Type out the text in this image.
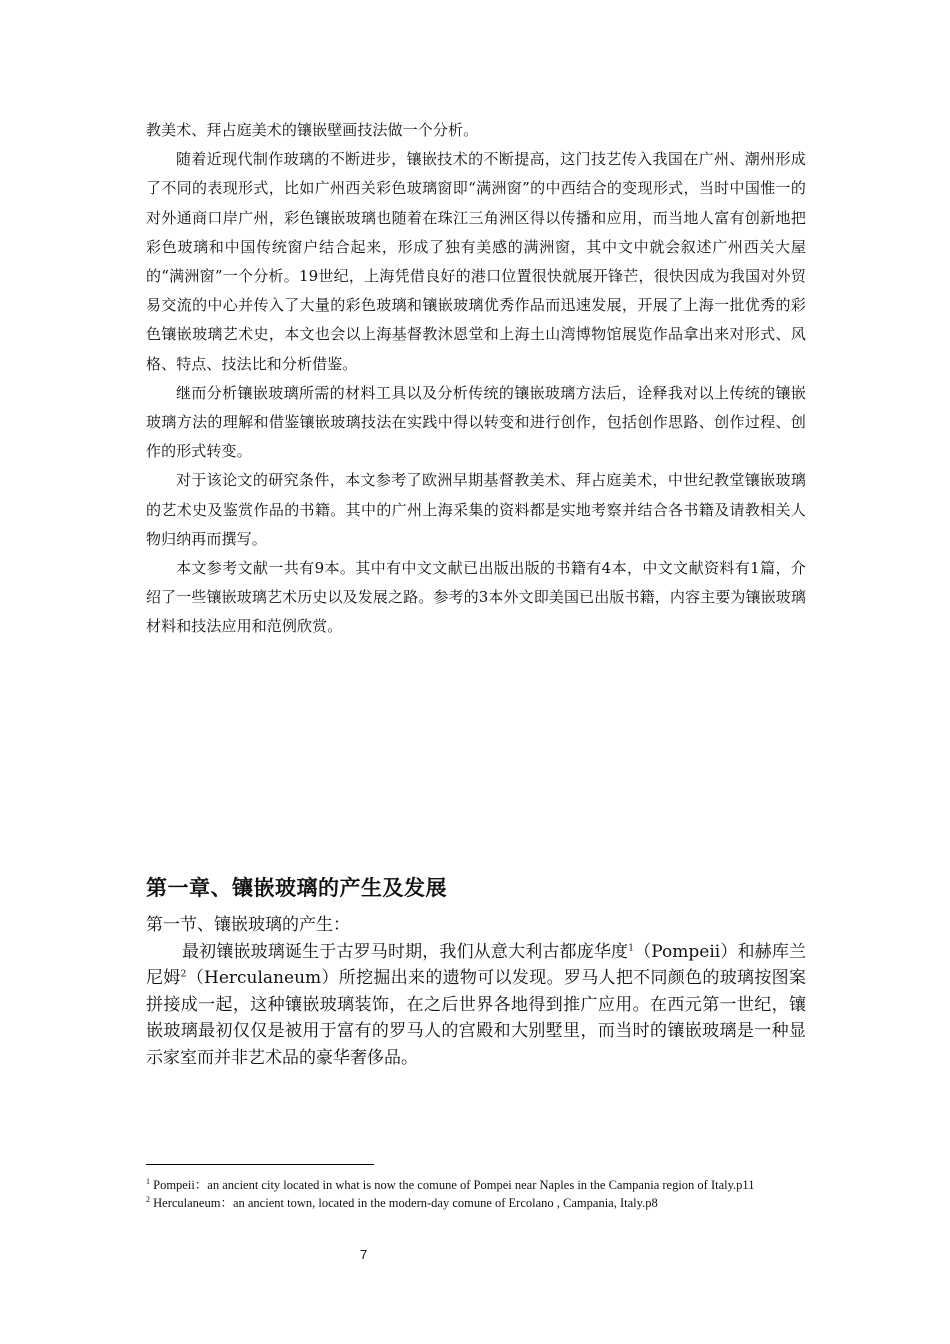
教美术、拜占庭美术的镶嵌壁画技法做一个分析。

随着近现代制作玻璃的不断进步，镶嵌技术的不断提高，这门技艺传入我国在广州、潮州形成了不同的表现形式，比如广州西关彩色玻璃窗即“满洲窗”的中西结合的变现形式，当时中国惟一的对外通商口岸广州，彩色镶嵌玻璃也随着在珠江三角洲区得以传播和应用，而当地人富有创新地把彩色玻璃和中国传统窗户结合起来，形成了独有美感的满洲窗，其中文中就会叙述广州西关大屋的“满洲窗”一个分析。19世纪，上海凭借良好的港口位置很快就展开锋芒，很快因成为我国对外贸易交流的中心并传入了大量的彩色玻璃和镶嵌玻璃优秀作品而迅速发展，开展了上海一批优秀的彩色镶嵌玻璃艺术史，本文也会以上海基督教沐恩堂和上海土山湾博物馆展览作品拿出来对形式、风格、特点、技法比和分析借鉴。

继而分析镶嵌玻璃所需的材料工具以及分析传统的镶嵌玻璃方法后，诠释我对以上传统的镶嵌玻璃方法的理解和借鉴镶嵌玻璃技法在实践中得以转变和进行创作，包括创作思路、创作过程、创作的形式转变。

对于该论文的研究条件，本文参考了欧洲早期基督教美术、拜占庭美术，中世纪教堂镶嵌玻璃的艺术史及鉴赏作品的书籍。其中的广州上海采集的资料都是实地考察并结合各书籍及请教相关人物归纳再而撰写。

本文参考文献一共有9本。其中有中文文献已出版出版的书籍有4本，中文文献资料有1篇，介绍了一些镶嵌玻璃艺术历史以及发展之路。参考的3本外文即美国已出版书籍，内容主要为镶嵌玻璃材料和技法应用和范例欣赏。

第一章、镶嵌玻璃的产生及发展

第一节、镶嵌玻璃的产生：

最初镶嵌玻璃诞生于古罗马时期，我们从意大利古都庞华度$^1$（Pompeii）和赫库兰尼姆$^2$（Herculaneum）所挖掘出来的遗物可以发现。罗马人把不同颜色的玻璃按图案拼接成一起，这种镶嵌玻璃装饰，在之后世界各地得到推广应用。在西元第一世纪，镶嵌玻璃最初仅仅是被用于富有的罗马人的宫殿和大别墅里，而当时的镶嵌玻璃是一种显示家室而并非艺术品的豪华奢侈品。

$^1$ Pompeii：an ancient city located in what is now the comune of Pompei near Naples in the Campania region of Italy.p11

$^2$ Herculaneum：an ancient town, located in the modern-day comune of Ercolano , Campania, Italy.p8

7
